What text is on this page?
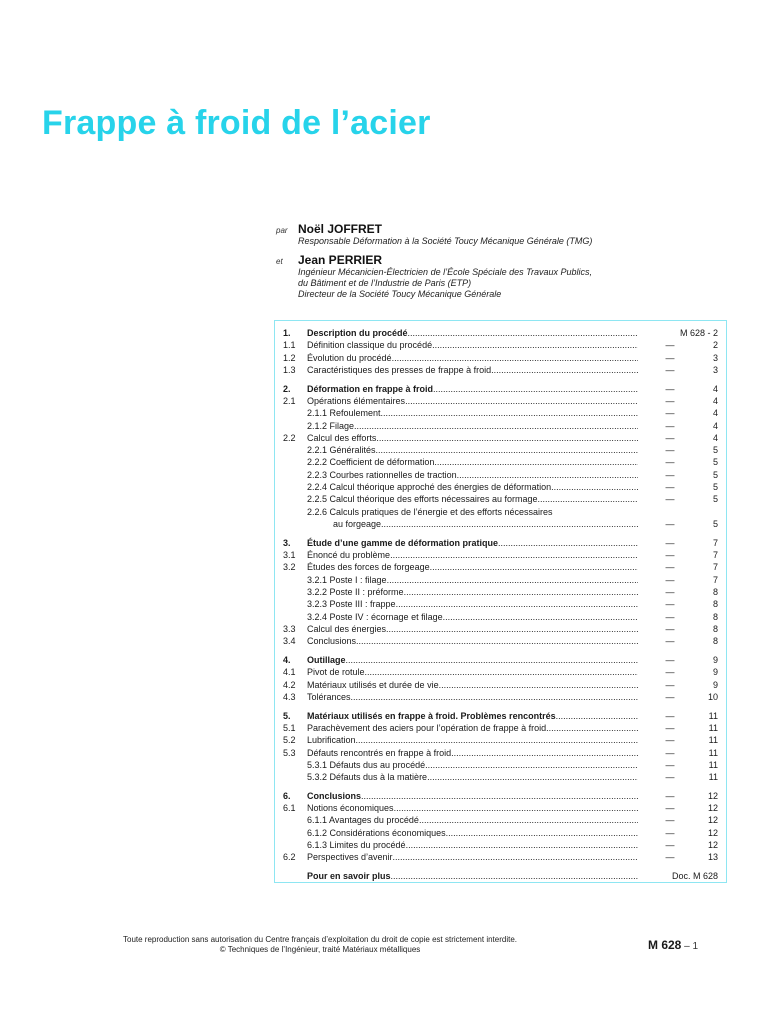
Frappe à froid de l’acier
par Noël JOFFRET
Responsable Déformation à la Société Toucy Mécanique Générale (TMG)
et	Jean PERRIER
Ingénieur Mécanicien-Électricien de l’École Spéciale des Travaux Publics,
du Bâtiment et de l’Industrie de Paris (ETP)
Directeur de la Société Toucy Mécanique Générale
1.	Description du procédé .....	M 628 - 2
1.1	Définition classique du procédé .....	—	2
1.2	Évolution du procédé .....	—	3
1.3	Caractéristiques des presses de frappe à froid .....	—	3
2.	Déformation en frappe à froid .....	—	4
2.1	Opérations élémentaires .....	—	4
2.1.1 Refoulement .....	—	4
2.1.2 Filage .....	—	4
2.2	Calcul des efforts .....	—	4
2.2.1 Généralités .....	—	5
2.2.2 Coefficient de déformation .....	—	5
2.2.3 Courbes rationnelles de traction .....	—	5
2.2.4 Calcul théorique approché des énergies de déformation .....	—	5
2.2.5 Calcul théorique des efforts nécessaires au formage .....	—	5
2.2.6 Calculs pratiques de l’énergie et des efforts nécessaires
au forgeage .....	—	5
3.	Étude d’une gamme de déformation pratique .....	—	7
3.1	Énoncé du problème .....	—	7
3.2	Études des forces de forgeage .....	—	7
3.2.1 Poste I : filage .....	—	7
3.2.2 Poste II : préforme .....	—	8
3.2.3 Poste III : frappe .....	—	8
3.2.4 Poste IV : écornage et filage .....	—	8
3.3	Calcul des énergies .....	—	8
3.4	Conclusions .....	—	8
4.	Outillage .....	—	9
4.1	Pivot de rotule .....	—	9
4.2	Matériaux utilisés et durée de vie .....	—	9
4.3	Tolérances .....	—	10
5.	Matériaux utilisés en frappe à froid. Problèmes rencontrés .....	—	11
5.1	Parachèvement des aciers pour l’opération de frappe à froid .....	—	11
5.2	Lubrification .....	—	11
5.3	Défauts rencontrés en frappe à froid .....	—	11
5.3.1 Défauts dus au procédé .....	—	11
5.3.2 Défauts dus à la matière .....	—	11
6.	Conclusions .....	—	12
6.1	Notions économiques .....	—	12
6.1.1 Avantages du procédé .....	—	12
6.1.2 Considérations économiques .....	—	12
6.1.3 Limites du procédé .....	—	12
6.2	Perspectives d’avenir .....	—	13
Pour en savoir plus .....	Doc. M 628
Toute reproduction sans autorisation du Centre français d’exploitation du droit de copie est strictement interdite.
© Techniques de l’Ingénieur, traité Matériaux métalliques	M 628 – 1
